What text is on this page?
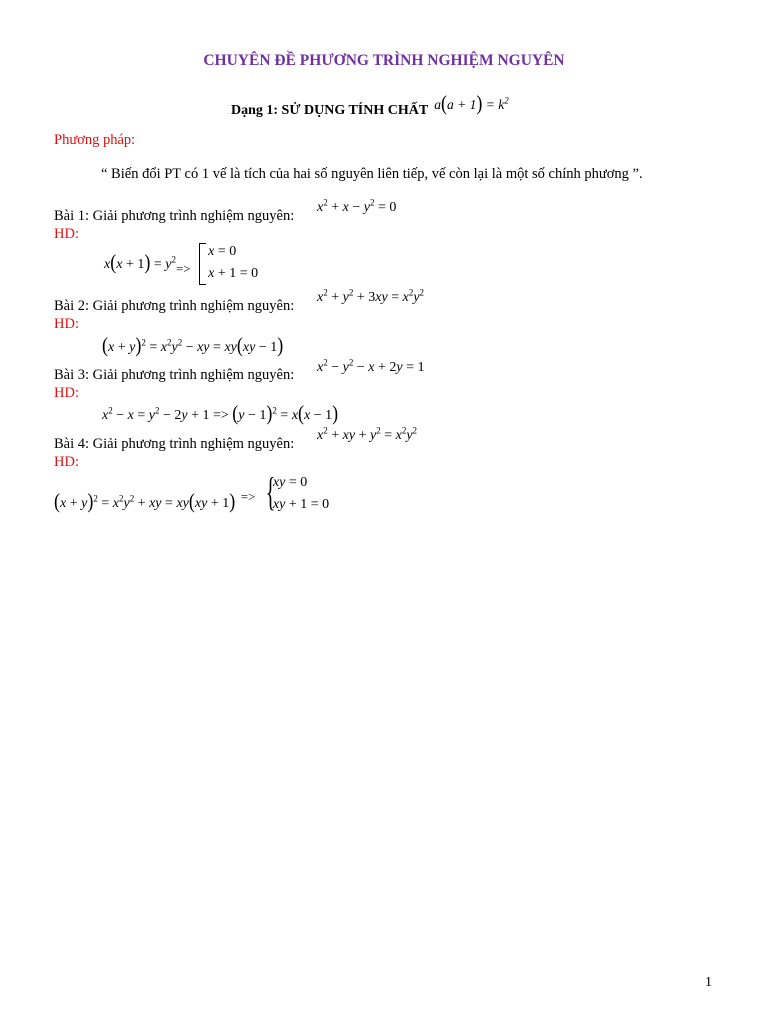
CHUYÊN ĐỀ PHƯƠNG TRÌNH NGHIỆM NGUYÊN
Dạng 1: SỬ DỤNG TÍNH CHẤT $a(a + 1) = k^2$
Phương pháp:
“ Biến đổi PT có 1 vế là tích của hai số nguyên liên tiếp, vế còn lại là một số chính phương ”.
Bài 1: Giải phương trình nghiệm nguyên:
$x^2 + x - y^2 = 0$
HD:
$x(x + 1) = y^2=>$
x = 0
x + 1 = 0
Bài 2: Giải phương trình nghiệm nguyên:
$x^2 + y^2 + 3xy = x^2y^2$
HD:
$(x + y)^2 = x^2y^2$ − xy = xy(xy − 1)
Bài 3: Giải phương trình nghiệm nguyên: $x^2 - y^2 - x + 2y = 1$
HD:
$x^2 - x = y^2 - 2y + 1 => (y - 1)^2 = x(x - 1)$
Bài 4: Giải phương trình nghiệm nguyên:
$x^2$ + xy + $y^2 = x^2y^2$
HD:
$(x + y)^2 = x^2y^2$ + xy = xy(xy + 1) => {
xy = 0
xy + 1 = 0
1
